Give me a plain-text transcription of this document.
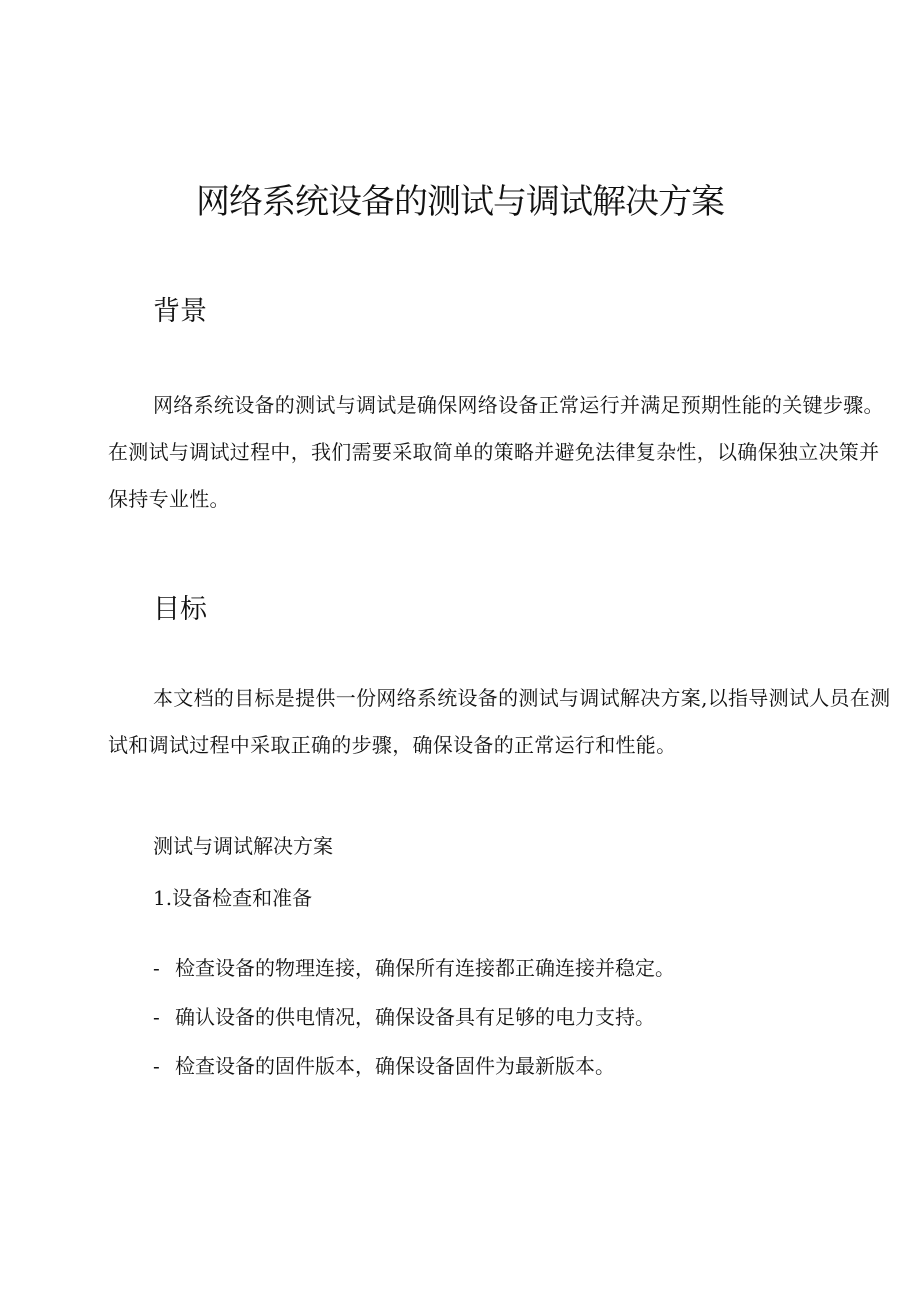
网络系统设备的测试与调试解决方案
背景

网络系统设备的测试与调试是确保网络设备正常运行并满足预期性能的关键步骤。在测试与调试过程中，我们需要采取简单的策略并避免法律复杂性，以确保独立决策并保持专业性。

目标

本文档的目标是提供一份网络系统设备的测试与调试解决方案,以指导测试人员在测试和调试过程中采取正确的步骤，确保设备的正常运行和性能。

测试与调试解决方案

1.设备检查和准备

- 检查设备的物理连接，确保所有连接都正确连接并稳定。
- 确认设备的供电情况，确保设备具有足够的电力支持。
- 检查设备的固件版本，确保设备固件为最新版本。
